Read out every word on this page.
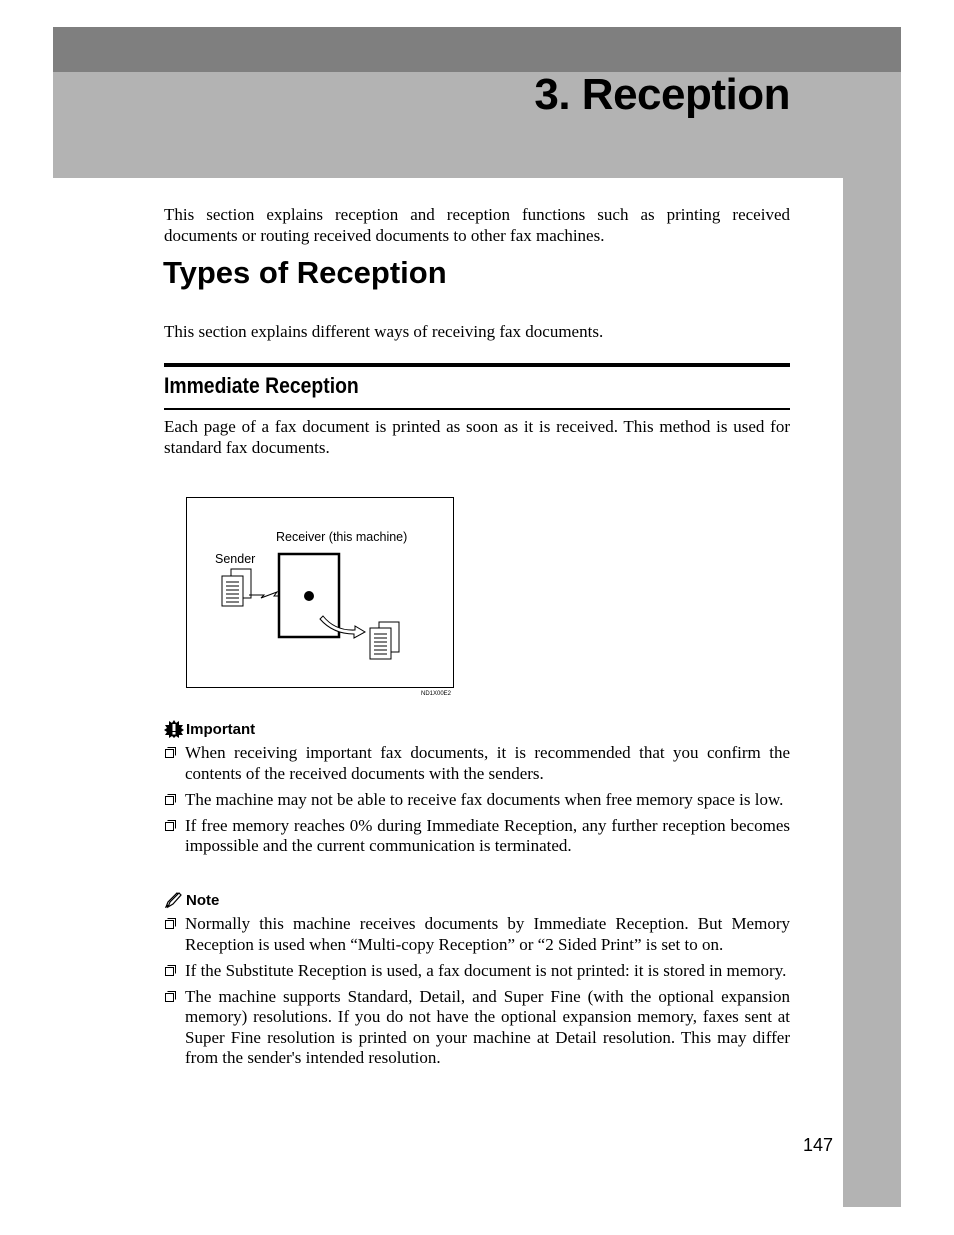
3. Reception

This section explains reception and reception functions such as printing received documents or routing received documents to other fax machines.

Types of Reception

This section explains different ways of receiving fax documents.

Immediate Reception

Each page of a fax document is printed as soon as it is received. This method is used for standard fax documents.

Receiver (this machine)
Sender
ND1X00E2
Important
When receiving important fax documents, it is recommended that you confirm the contents of the received documents with the senders.
The machine may not be able to receive fax documents when free memory space is low.
If free memory reaches 0% during Immediate Reception, any further reception becomes impossible and the current communication is terminated.
Note
Normally this machine receives documents by Immediate Reception. But Memory Reception is used when “Multi-copy Reception” or “2 Sided Print” is set to on.
If the Substitute Reception is used, a fax document is not printed: it is stored in memory.
The machine supports Standard, Detail, and Super Fine (with the optional expansion memory) resolutions. If you do not have the optional expansion memory, faxes sent at Super Fine resolution is printed on your machine at Detail resolution. This may differ from the sender's intended resolution.
147
